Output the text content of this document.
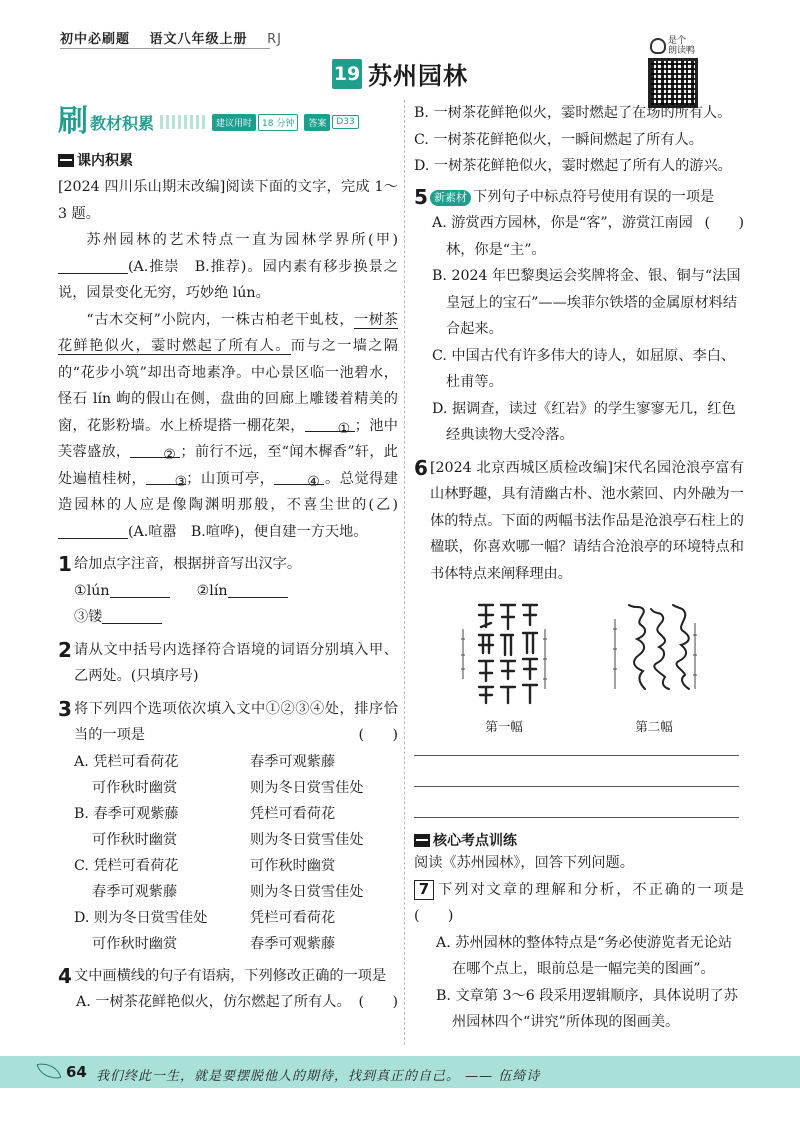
初中必刷题 语文八年级上册 RJ
19 苏州园林
是个
朗读鸭
刷 教材积累	建议用时	18 分钟	答案	D33
课内积累

[2024 四川乐山期末改编]阅读下面的文字，完成 1～3 题。

苏州园林的艺术特点一直为园林学界所(甲)(A.推崇　B.推荐)。园内素有移步换景之说，园景变化无穷，巧妙绝 lún。

“古木交柯”小院内，一株古柏老干虬枝，一树茶花鲜艳似火，霎时燃起了所有人。而与之一墙之隔的“花步小筑”却出奇地素净。中心景区临一池碧水，怪石 lín 峋的假山在侧，盘曲的回廊上雕镂着精美的窗，花影粉墙。水上桥堤搭一棚花架， ① ；池中芙蓉盛放， ② ；前行不远，至“闻木樨香”轩，此处遍植桂树， ③；山顶可亭， ④ 。总觉得建造园林的人应是像陶渊明那般，不喜尘世的(乙)(A.喧嚣　B.喧哗)，便自建一方天地。

1 给加点字注音，根据拼音写出汉字。

①lún	②lín

③镂

2 请从文中括号内选择符合语境的词语分别填入甲、乙两处。(只填序号)

3 将下列四个选项依次填入文中①②③④处，排序恰当的一项是	(　　)

A. 凭栏可看荷花	春季可观紫藤
可作秋时幽赏	则为冬日赏雪佳处
B. 春季可观紫藤	凭栏可看荷花
可作秋时幽赏	则为冬日赏雪佳处
C. 凭栏可看荷花	可作秋时幽赏
春季可观紫藤	则为冬日赏雪佳处
D. 则为冬日赏雪佳处	凭栏可看荷花
可作秋时幽赏	春季可观紫藤
4 文中画横线的句子有语病，下列修改正确的一项是
(　　)

A. 一树茶花鲜艳似火，仿尔燃起了所有人。

B. 一树茶花鲜艳似火，霎时燃起了在场的所有人。

C. 一树茶花鲜艳似火，一瞬间燃起了所有人。

D. 一树茶花鲜艳似火，霎时燃起了所有人的游兴。

5 新素材 下列句子中标点符号使用有误的一项是
(　　)

A. 游赏西方园林，你是“客”，游赏江南园林，你是“主”。

B. 2024 年巴黎奥运会奖牌将金、银、铜与“法国皇冠上的宝石”——埃菲尔铁塔的金属原材料结合起来。

C. 中国古代有许多伟大的诗人，如屈原、李白、杜甫等。

D. 据调查，读过《红岩》的学生寥寥无几，红色经典读物大受冷落。

6 [2024 北京西城区质检改编]宋代名园沧浪亭富有山林野趣，具有清幽古朴、池水萦回、内外融为一体的特点。下面的两幅书法作品是沧浪亭石柱上的楹联，你喜欢哪一幅？请结合沧浪亭的环境特点和书体特点来阐释理由。

第一幅	第二幅
核心考点训练

阅读《苏州园林》，回答下列问题。

7 下列对文章的理解和分析，不正确的一项是(　　)

A. 苏州园林的整体特点是“务必使游览者无论站在哪个点上，眼前总是一幅完美的图画”。

B. 文章第 3～6 段采用逻辑顺序，具体说明了苏州园林四个“讲究”所体现的图画美。

64 我们终此一生，就是要摆脱他人的期待，找到真正的自己。 —— 伍绮诗
